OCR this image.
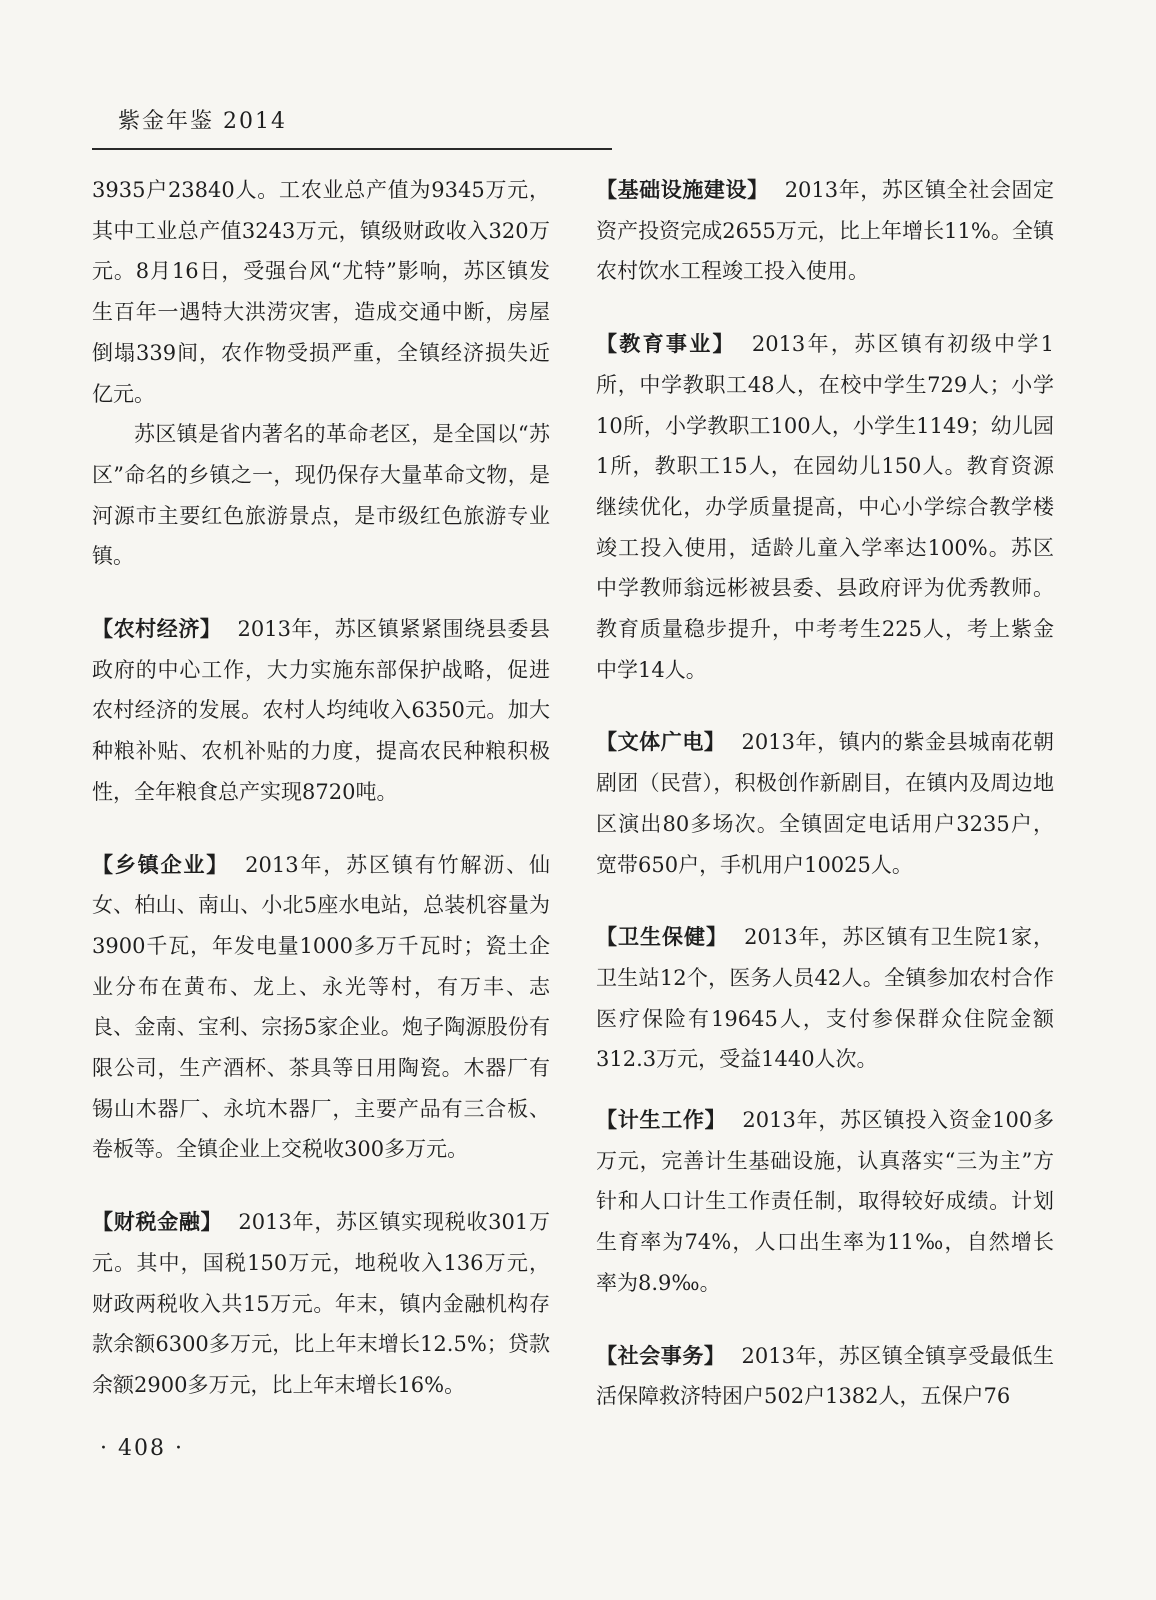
紫金年鉴 2014

3935户23840人。工农业总产值为9345万元，其中工业总产值3243万元，镇级财政收入320万元。8月16日，受强台风“尤特”影响，苏区镇发生百年一遇特大洪涝灾害，造成交通中断，房屋倒塌339间，农作物受损严重，全镇经济损失近亿元。

苏区镇是省内著名的革命老区，是全国以“苏区”命名的乡镇之一，现仍保存大量革命文物，是河源市主要红色旅游景点，是市级红色旅游专业镇。

【农村经济】 2013年，苏区镇紧紧围绕县委县政府的中心工作，大力实施东部保护战略，促进农村经济的发展。农村人均纯收入6350元。加大种粮补贴、农机补贴的力度，提高农民种粮积极性，全年粮食总产实现8720吨。

【乡镇企业】 2013年，苏区镇有竹解沥、仙女、柏山、南山、小北5座水电站，总装机容量为3900千瓦，年发电量1000多万千瓦时；瓷土企业分布在黄布、龙上、永光等村，有万丰、志良、金南、宝利、宗扬5家企业。炮子陶源股份有限公司，生产酒杯、茶具等日用陶瓷。木器厂有锡山木器厂、永坑木器厂，主要产品有三合板、卷板等。全镇企业上交税收300多万元。

【财税金融】 2013年，苏区镇实现税收301万元。其中，国税150万元，地税收入136万元，财政两税收入共15万元。年末，镇内金融机构存款余额6300多万元，比上年末增长12.5%；贷款余额2900多万元，比上年末增长16%。

【基础设施建设】 2013年，苏区镇全社会固定资产投资完成2655万元，比上年增长11%。全镇农村饮水工程竣工投入使用。

【教育事业】 2013年，苏区镇有初级中学1所，中学教职工48人，在校中学生729人；小学10所，小学教职工100人，小学生1149；幼儿园1所，教职工15人，在园幼儿150人。教育资源继续优化，办学质量提高，中心小学综合教学楼竣工投入使用，适龄儿童入学率达100%。苏区中学教师翁远彬被县委、县政府评为优秀教师。教育质量稳步提升，中考考生225人，考上紫金中学14人。

【文体广电】 2013年，镇内的紫金县城南花朝剧团（民营），积极创作新剧目，在镇内及周边地区演出80多场次。全镇固定电话用户3235户，宽带650户，手机用户10025人。

【卫生保健】 2013年，苏区镇有卫生院1家，卫生站12个，医务人员42人。全镇参加农村合作医疗保险有19645人，支付参保群众住院金额312.3万元，受益1440人次。

【计生工作】 2013年，苏区镇投入资金100多万元，完善计生基础设施，认真落实“三为主”方针和人口计生工作责任制，取得较好成绩。计划生育率为74%，人口出生率为11‰，自然增长率为8.9‰。

【社会事务】 2013年，苏区镇全镇享受最低生活保障救济特困户502户1382人，五保户76

· 408 ·
